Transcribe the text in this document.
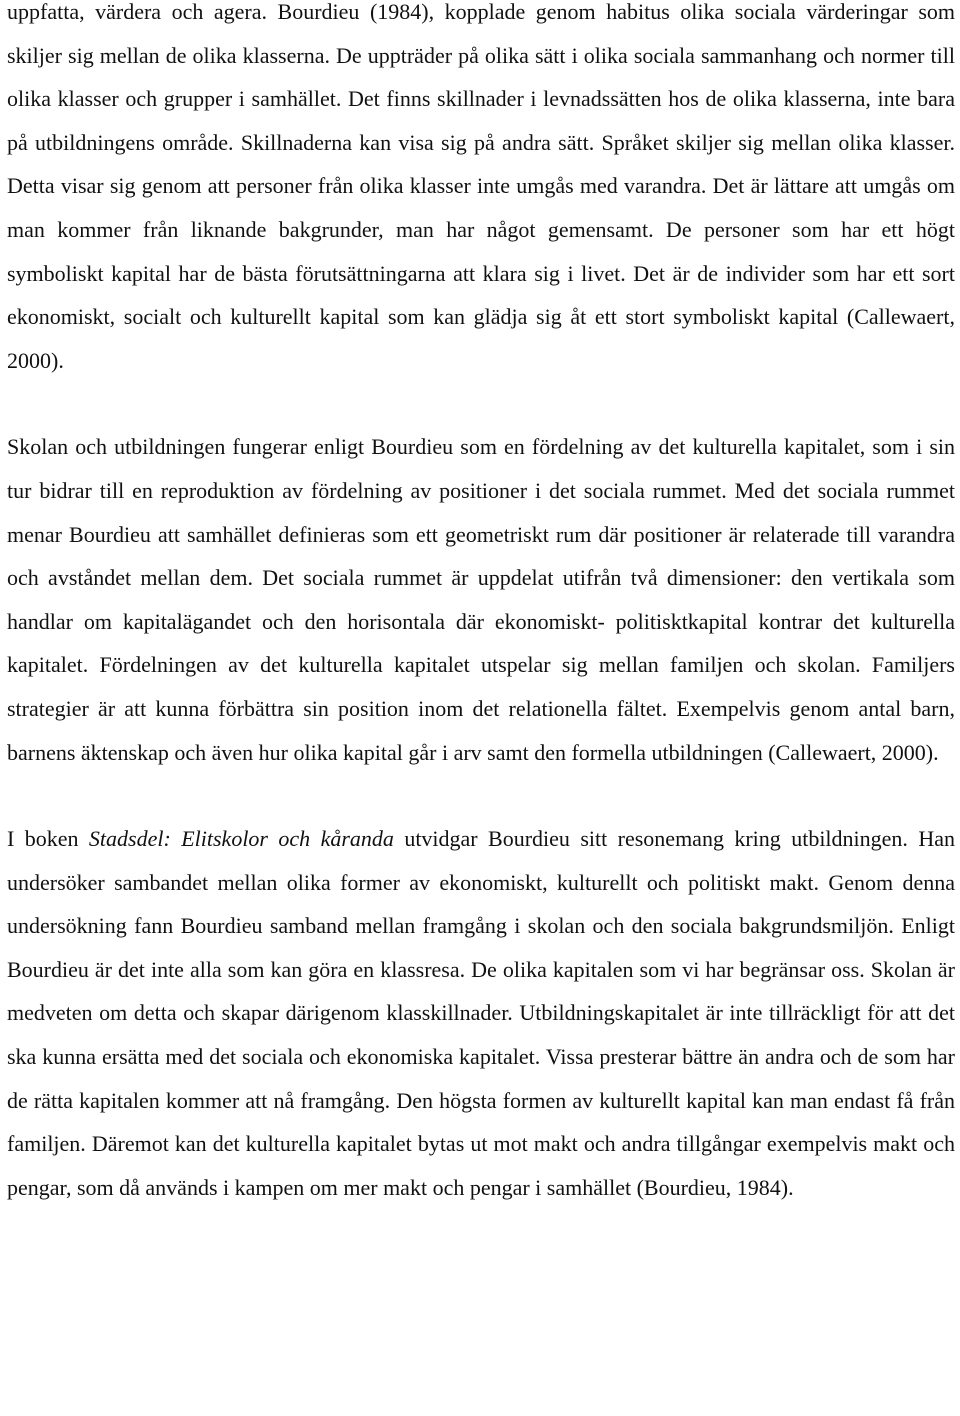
uppfatta, värdera och agera. Bourdieu (1984), kopplade genom habitus olika sociala värderingar som skiljer sig mellan de olika klasserna. De uppträder på olika sätt i olika sociala sammanhang och normer till olika klasser och grupper i samhället. Det finns skillnader i levnadssätten hos de olika klasserna, inte bara på utbildningens område. Skillnaderna kan visa sig på andra sätt. Språket skiljer sig mellan olika klasser. Detta visar sig genom att personer från olika klasser inte umgås med varandra. Det är lättare att umgås om man kommer från liknande bakgrunder, man har något gemensamt. De personer som har ett högt symboliskt kapital har de bästa förutsättningarna att klara sig i livet. Det är de individer som har ett sort ekonomiskt, socialt och kulturellt kapital som kan glädja sig åt ett stort symboliskt kapital (Callewaert, 2000).

Skolan och utbildningen fungerar enligt Bourdieu som en fördelning av det kulturella kapitalet, som i sin tur bidrar till en reproduktion av fördelning av positioner i det sociala rummet. Med det sociala rummet menar Bourdieu att samhället definieras som ett geometriskt rum där positioner är relaterade till varandra och avståndet mellan dem. Det sociala rummet är uppdelat utifrån två dimensioner: den vertikala som handlar om kapitalägandet och den horisontala där ekonomiskt- politisktkapital kontrar det kulturella kapitalet. Fördelningen av det kulturella kapitalet utspelar sig mellan familjen och skolan. Familjers strategier är att kunna förbättra sin position inom det relationella fältet. Exempelvis genom antal barn, barnens äktenskap och även hur olika kapital går i arv samt den formella utbildningen (Callewaert, 2000).

I boken Stadsdel: Elitskolor och kåranda utvidgar Bourdieu sitt resonemang kring utbildningen. Han undersöker sambandet mellan olika former av ekonomiskt, kulturellt och politiskt makt. Genom denna undersökning fann Bourdieu samband mellan framgång i skolan och den sociala bakgrundsmiljön. Enligt Bourdieu är det inte alla som kan göra en klassresa. De olika kapitalen som vi har begränsar oss. Skolan är medveten om detta och skapar därigenom klasskillnader. Utbildningskapitalet är inte tillräckligt för att det ska kunna ersätta med det sociala och ekonomiska kapitalet. Vissa presterar bättre än andra och de som har de rätta kapitalen kommer att nå framgång. Den högsta formen av kulturellt kapital kan man endast få från familjen. Däremot kan det kulturella kapitalet bytas ut mot makt och andra tillgångar exempelvis makt och pengar, som då används i kampen om mer makt och pengar i samhället (Bourdieu, 1984).
